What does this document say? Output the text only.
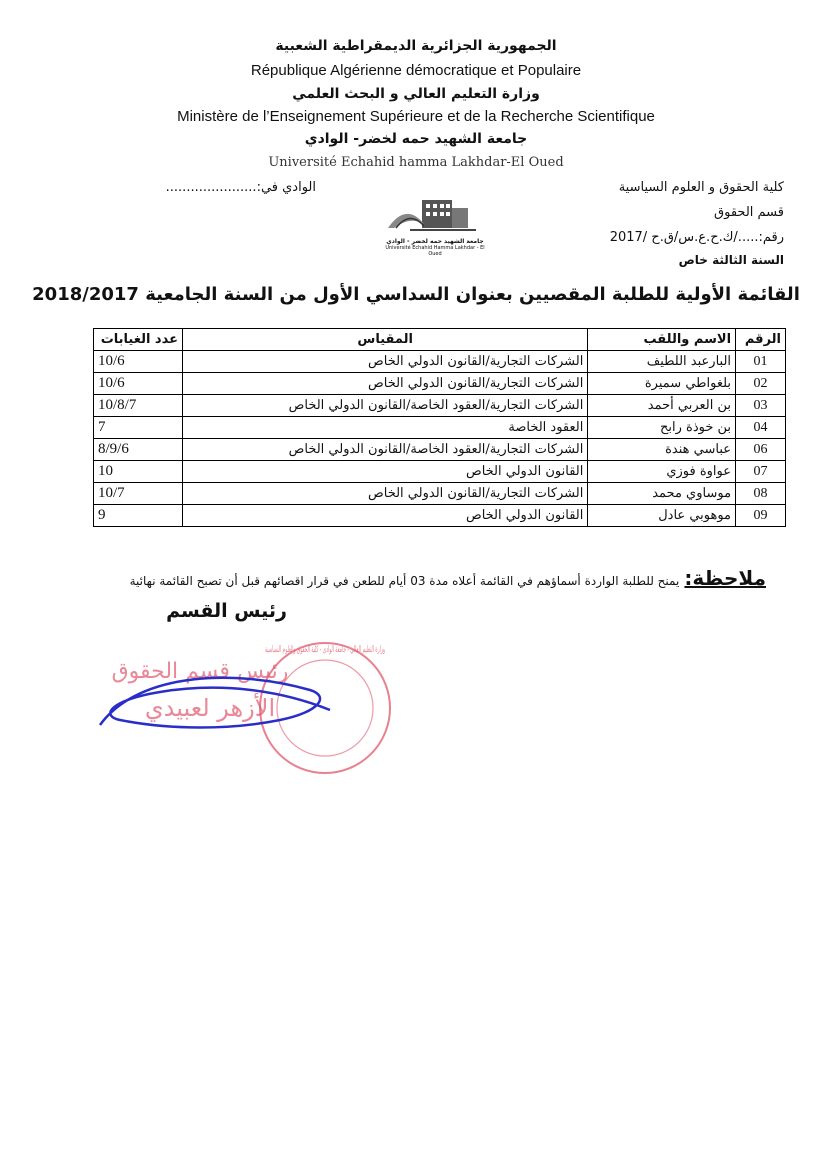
الجمهورية الجزائرية الديمقراطية الشعبية
République Algérienne démocratique et Populaire
وزارة التعليم العالي و البحث العلمي
Ministère de l’Enseignement Supérieure et de la Recherche Scientifique
جامعة الشهيد حمه لخضر- الوادي
Université Echahid hamma Lakhdar-El Oued
كلية الحقوق و العلوم السياسية
قسم الحقوق
رقم:...../ك.ح.ع.س/ق.ح /2017
السنة الثالثة خاص
الوادي في:......................
جامعة الشهيد حمه لخضر - الوادي
Université Echahid Hamma Lakhdar - El Oued
القائمة الأولية للطلبة المقصيين بعنوان السداسي الأول من السنة الجامعية 2018/2017
الرقم	الاسم واللقب	المقياس	عدد الغيابات
01	البارعبد اللطيف	الشركات التجارية/القانون الدولي الخاص	10/6
02	بلغواطي سميرة	الشركات التجارية/القانون الدولي الخاص	10/6
03	بن العربي أحمد	الشركات التجارية/العقود الخاصة/القانون الدولي الخاص	10/8/7
04	بن خوذة رابح	العقود الخاصة	7
06	عباسي هندة	الشركات التجارية/العقود الخاصة/القانون الدولي الخاص	8/9/6
07	عواوة فوزي	القانون الدولي الخاص	10
08	موساوي محمد	الشركات التجارية/القانون الدولي الخاص	10/7
09	موهوبي عادل	القانون الدولي الخاص	9
ملاحظة: يمنح للطلبة الواردة أسماؤهم في القائمة أعلاه مدة 03 أيام للطعن في قرار اقصائهم قبل أن تصبح القائمة نهائية
رئيس القسم
وزارة التعليم العالي - جامعة الوادي - كلية الحقوق والعلوم السياسية
رئيس قسم الحقوق
الأزهر لعبيدي
